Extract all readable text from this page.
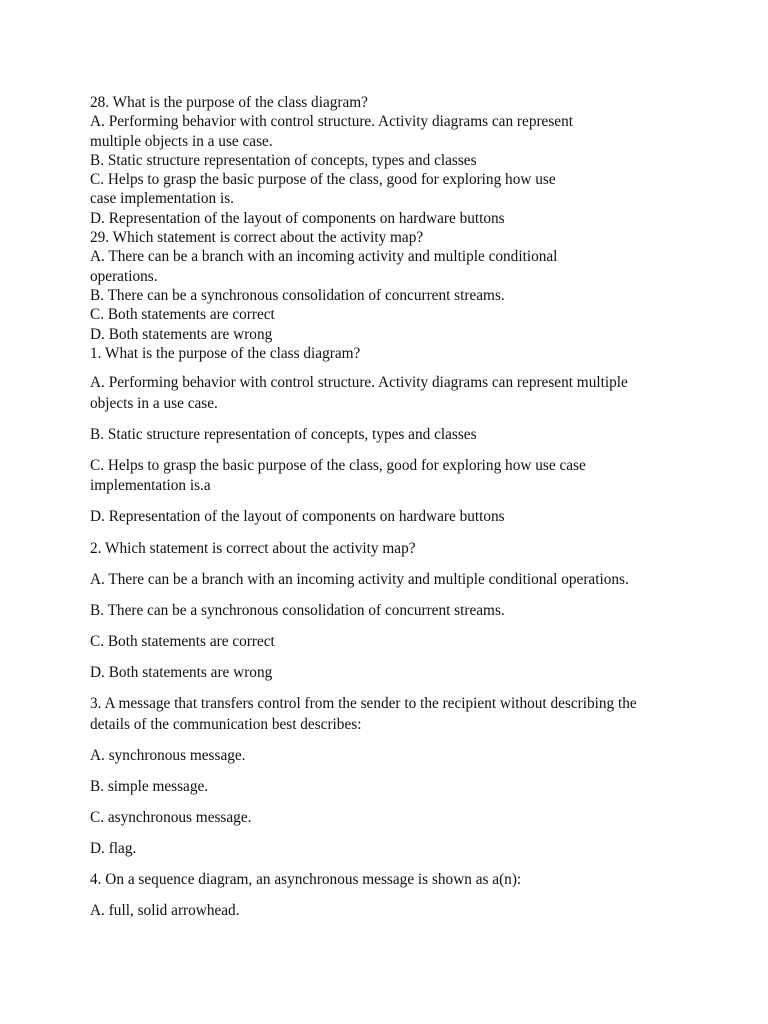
28. What is the purpose of the class diagram?
A. Performing behavior with control structure. Activity diagrams can represent
multiple objects in a use case.
B. Static structure representation of concepts, types and classes
C. Helps to grasp the basic purpose of the class, good for exploring how use
case implementation is.
D. Representation of the layout of components on hardware buttons
29. Which statement is correct about the activity map?
A. There can be a branch with an incoming activity and multiple conditional
operations.
B. There can be a synchronous consolidation of concurrent streams.
C. Both statements are correct
D. Both statements are wrong
1. What is the purpose of the class diagram?
A. Performing behavior with control structure. Activity diagrams can represent multiple
objects in a use case.
B. Static structure representation of concepts, types and classes
C. Helps to grasp the basic purpose of the class, good for exploring how use case
implementation is.a
D. Representation of the layout of components on hardware buttons
2. Which statement is correct about the activity map?
A. There can be a branch with an incoming activity and multiple conditional operations.
B. There can be a synchronous consolidation of concurrent streams.
C. Both statements are correct
D. Both statements are wrong
3. A message that transfers control from the sender to the recipient without describing the
details of the communication best describes:
A. synchronous message.
B. simple message.
C. asynchronous message.
D. flag.
4. On a sequence diagram, an asynchronous message is shown as a(n):
A. full, solid arrowhead.
